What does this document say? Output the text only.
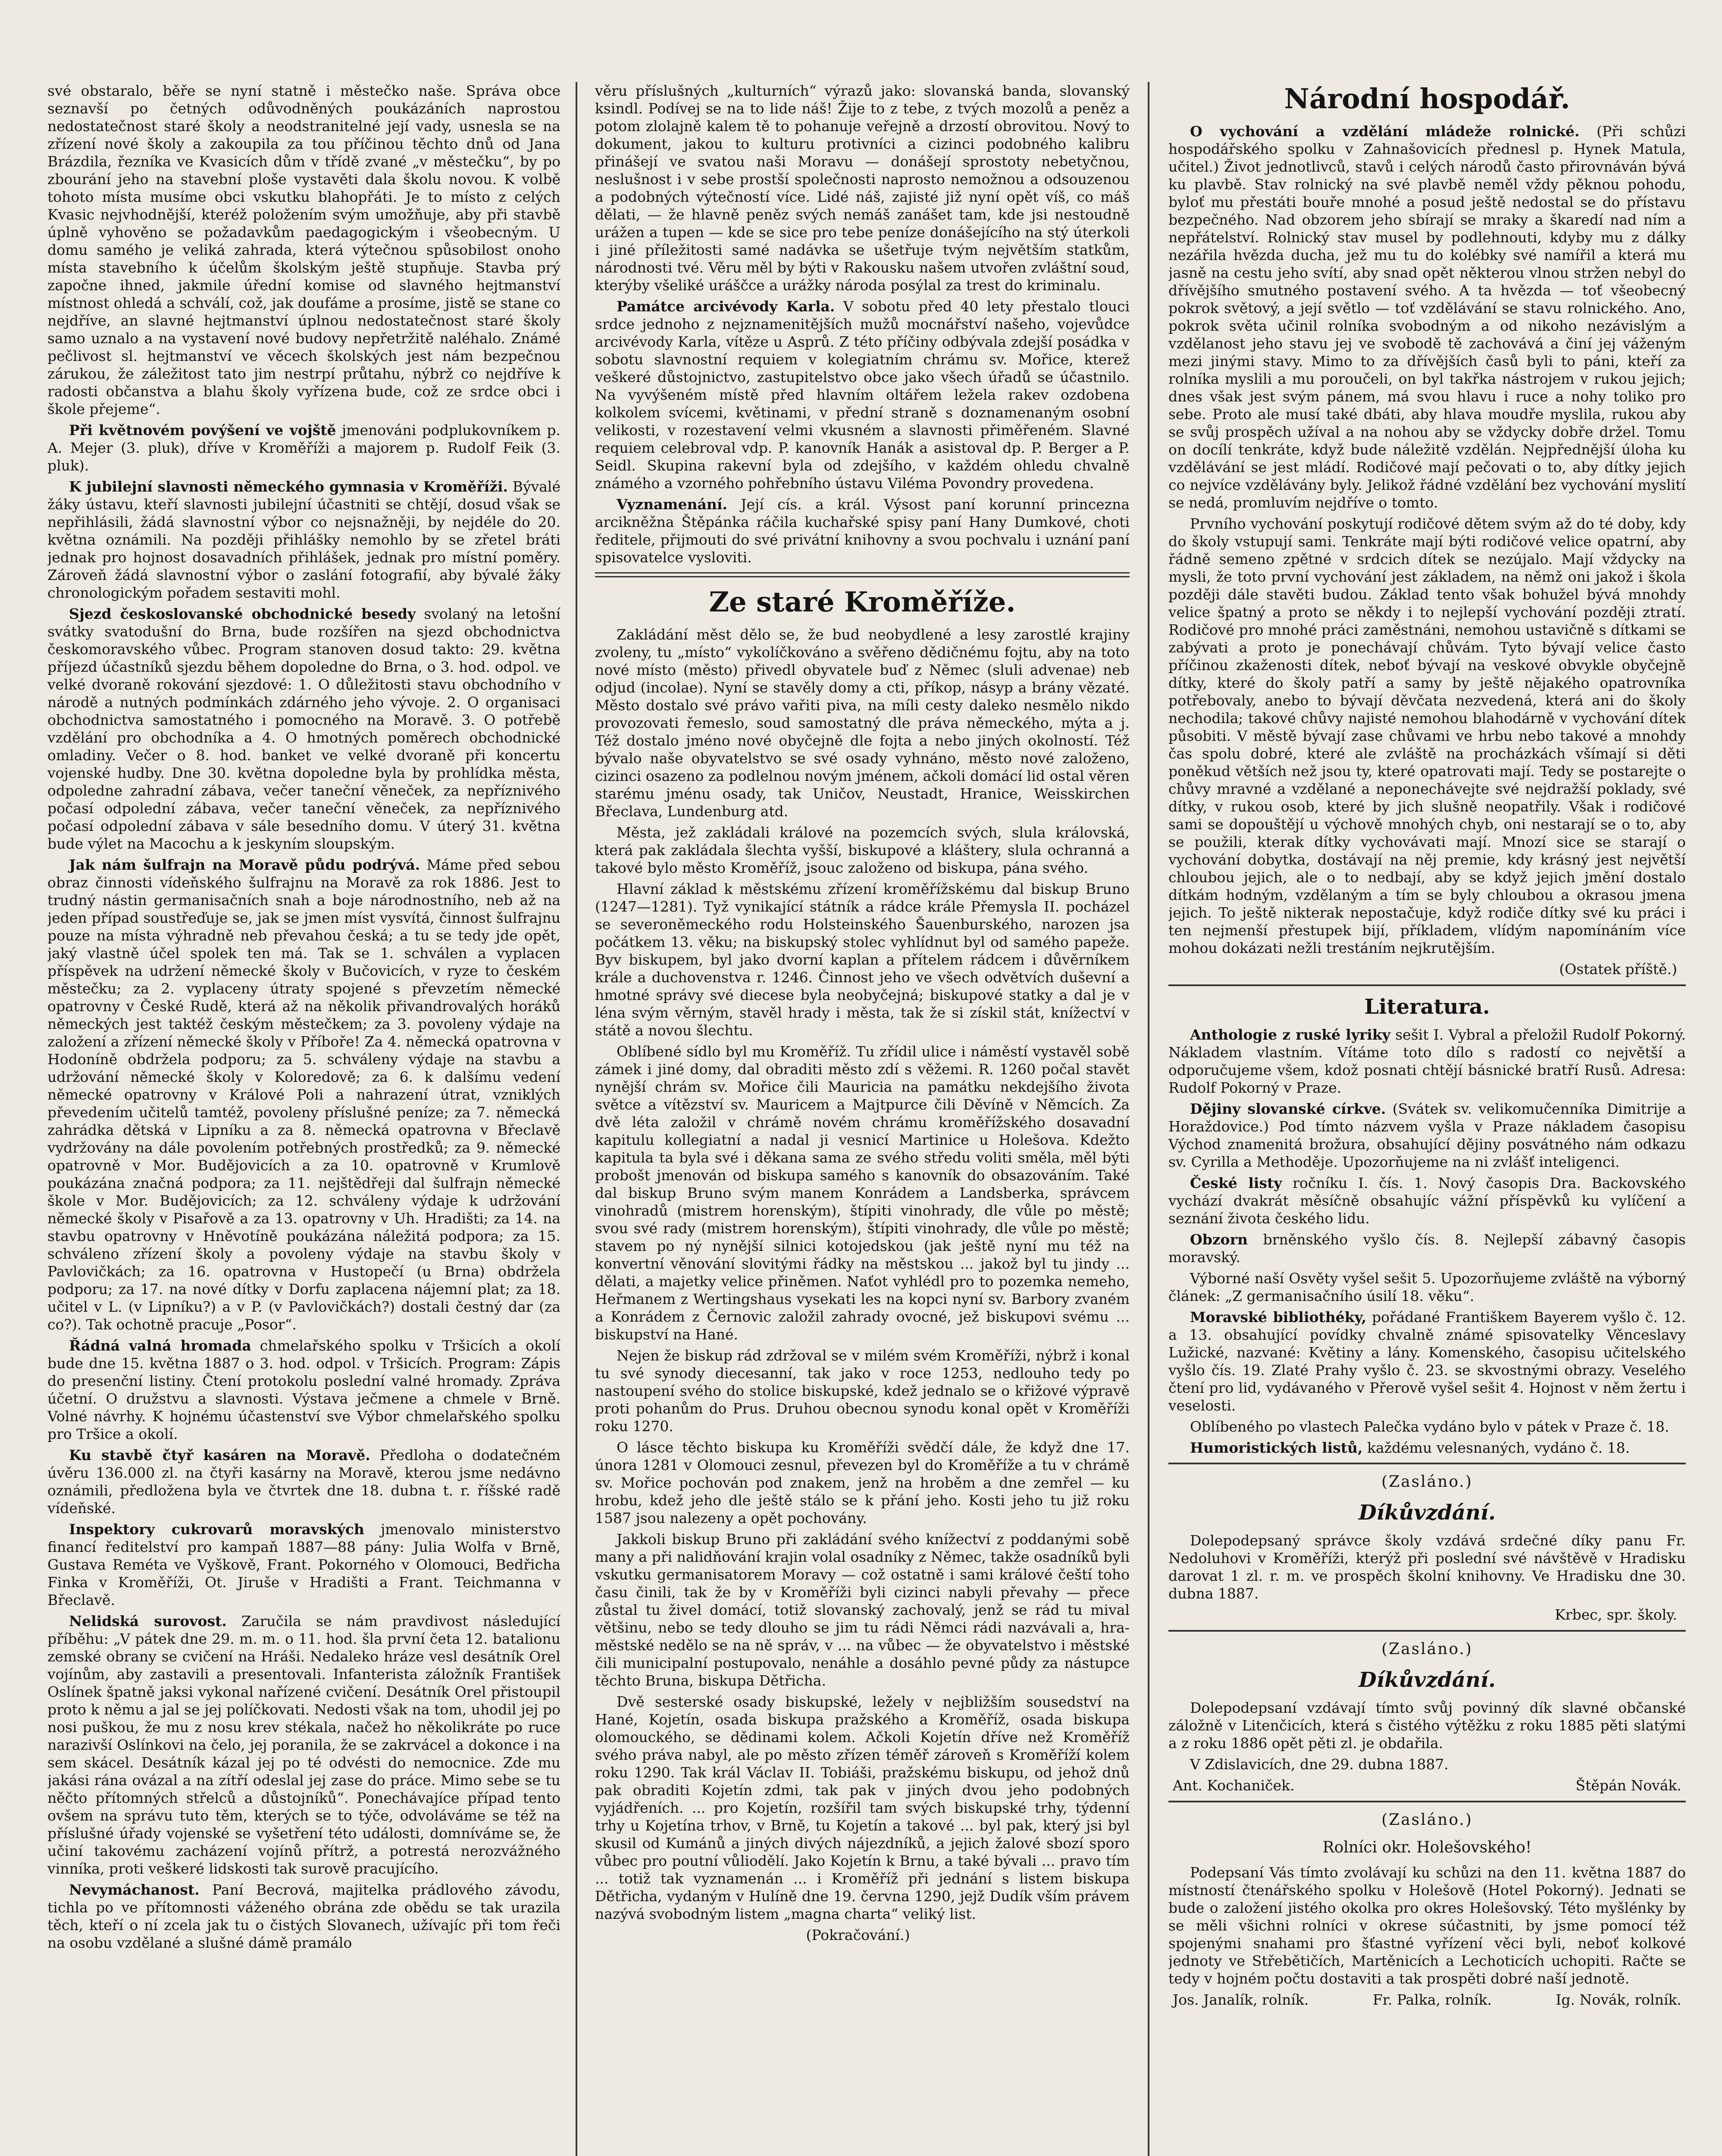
své obstaralo, běře se nyní statně i městečko naše. Správa obce seznavší po četných odůvodněných poukázáních naprostou nedostatečnost staré školy a neodstranitelné její vady, usnesla se na zřízení nové školy a zakoupila za tou příčinou těchto dnů od Jana Brázdila, řezníka ve Kvasicích dům v třídě zvané „v městečku“, by po zbourání jeho na stavební ploše vystavěti dala školu novou. K volbě tohoto místa musíme obci vskutku blahopřáti. Je to místo z celých Kvasic nejvhodnější, kteréž položením svým umožňuje, aby při stavbě úplně vyhověno se požadavkům paedagogickým i všeobecným. U domu samého je veliká zahrada, která výtečnou spůsobilost onoho místa stavebního k účelům školským ještě stupňuje. Stavba prý započne ihned, jakmile úřední komise od slavného hejtmanství místnost ohledá a schválí, což, jak doufáme a prosíme, jistě se stane co nejdříve, an slavné hejtmanství úplnou nedostatečnost staré školy samo uznalo a na vystavení nové budovy nepřetržitě naléhalo. Známé pečlivost sl. hejtmanství ve věcech školských jest nám bezpečnou zárukou, že záležitost tato jim nestrpí průtahu, nýbrž co nejdříve k radosti občanstva a blahu školy vyřízena bude, což ze srdce obci i škole přejeme“.

Při květnovém povýšení ve vojště jmenováni podplukovníkem p. A. Mejer (3. pluk), dříve v Kroměříži a majorem p. Rudolf Feik (3. pluk).

K jubilejní slavnosti německého gymnasia v Kroměříži. Bývalé žáky ústavu, kteří slavnosti jubilejní účastniti se chtějí, dosud však se nepřihlásili, žádá slavnostní výbor co nejsnažněji, by nejdéle do 20. května oznámili. Na později přihlášky nemohlo by se zřetel bráti jednak pro hojnost dosavadních přihlášek, jednak pro místní poměry. Zároveň žádá slavnostní výbor o zaslání fotografií, aby bývalé žáky chronologickým pořadem sestaviti mohl.

Sjezd českoslovanské obchodnické besedy svolaný na letošní svátky svatodušní do Brna, bude rozšířen na sjezd obchodnictva českomoravského vůbec. Program stanoven dosud takto: 29. května příjezd účastníků sjezdu během dopoledne do Brna, o 3. hod. odpol. ve velké dvoraně rokování sjezdové: 1. O důležitosti stavu obchodního v národě a nutných podmínkách zdárného jeho vývoje. 2. O organisaci obchodnictva samostatného i pomocného na Moravě. 3. O potřebě vzdělání pro obchodníka a 4. O hmotných poměrech obchodnické omladiny. Večer o 8. hod. banket ve velké dvoraně při koncertu vojenské hudby. Dne 30. května dopoledne byla by prohlídka města, odpoledne zahradní zábava, večer taneční věneček, za nepříznivého počasí odpolední zábava, večer taneční věneček, za nepříznivého počasí odpolední zábava v sále besedního domu. V úterý 31. května bude výlet na Macochu a k jeskyním sloupským.

Jak nám šulfrajn na Moravě půdu podrývá. Máme před sebou obraz činnosti vídeňského šulfrajnu na Moravě za rok 1886. Jest to trudný nástin germanisačních snah a boje národnostního, neb až na jeden případ soustřeďuje se, jak se jmen míst vysvítá, činnost šulfrajnu pouze na místa výhradně neb převahou česká; a tu se tedy jde opět, jaký vlastně účel spolek ten má. Tak se 1. schválen a vyplacen příspěvek na udržení německé školy v Bučovicích, v ryze to českém městečku; za 2. vyplaceny útraty spojené s převzetím německé opatrovny v České Rudě, která až na několik přivandrovalých horáků německých jest taktéž českým městečkem; za 3. povoleny výdaje na založení a zřízení německé školy v Příboře! Za 4. německá opatrovna v Hodoníně obdržela podporu; za 5. schváleny výdaje na stavbu a udržování německé školy v Koloredově; za 6. k dalšímu vedení německé opatrovny v Králové Poli a nahrazení útrat, vzniklých převedením učitelů tamtéž, povoleny příslušné peníze; za 7. německá zahrádka dětská v Lipníku a za 8. německá opatrovna v Břeclavě vydržovány na dále povolením potřebných prostředků; za 9. německé opatrovně v Mor. Budějovicích a za 10. opatrovně v Krumlově poukázána značná podpora; za 11. nejštědřeji dal šulfrajn německé škole v Mor. Budějovicích; za 12. schváleny výdaje k udržování německé školy v Pisařově a za 13. opatrovny v Uh. Hradišti; za 14. na stavbu opatrovny v Hněvotíně poukázána náležitá podpora; za 15. schváleno zřízení školy a povoleny výdaje na stavbu školy v Pavlovičkách; za 16. opatrovna v Hustopečí (u Brna) obdržela podporu; za 17. na nové dítky v Dorfu zaplacena nájemní plat; za 18. učitel v L. (v Lipníku?) a v P. (v Pavlovičkách?) dostali čestný dar (za co?). Tak ochotně pracuje „Posor“.

Řádná valná hromada chmelařského spolku v Tršicích a okolí bude dne 15. května 1887 o 3. hod. odpol. v Tršicích. Program: Zápis do presenční listiny. Čtení protokolu poslední valné hromady. Zpráva účetní. O družstvu a slavnosti. Výstava ječmene a chmele v Brně. Volné návrhy. K hojnému účastenství sve Výbor chmelařského spolku pro Tršice a okolí.

Ku stavbě čtyř kasáren na Moravě. Předloha o dodatečném úvěru 136.000 zl. na čtyři kasárny na Moravě, kterou jsme nedávno oznámili, předložena byla ve čtvrtek dne 18. dubna t. r. říšské radě vídeňské.

Inspektory cukrovarů moravských jmenovalo ministerstvo financí ředitelství pro kampaň 1887—88 pány: Julia Wolfa v Brně, Gustava Reméta ve Vyškově, Frant. Pokorného v Olomouci, Bedřicha Finka v Kroměříži, Ot. Jiruše v Hradišti a Frant. Teichmanna v Břeclavě.

Nelidská surovost. Zaručila se nám pravdivost následující příběhu: „V pátek dne 29. m. m. o 11. hod. šla první četa 12. batalionu zemské obrany se cvičení na Hráši. Nedaleko hráze vesl desátník Orel vojínům, aby zastavili a presentovali. Infanterista záložník František Oslínek špatně jaksi vykonal nařízené cvičení. Desátník Orel přistoupil proto k němu a jal se jej políčkovati. Nedosti však na tom, uhodil jej po nosi puškou, že mu z nosu krev stékala, načež ho několikráte po ruce narazivší Oslínkovi na čelo, jej poranila, že se zakrvácel a dokonce i na sem skácel. Desátník kázal jej po té odvésti do nemocnice. Zde mu jakási rána ovázal a na zítří odeslal jej zase do práce. Mimo sebe se tu něčto přítomných střelců a důstojníků“. Ponechávajíce případ tento ovšem na správu tuto těm, kterých se to týče, odvoláváme se též na příslušné úřady vojenské se vyšetření této události, domníváme se, že učiní takovému zacházení vojínů přítrž, a potrestá nerozvážného vinníka, proti veškeré lidskosti tak surově pracujícího.

Nevymáchanost. Paní Becrová, majitelka prádlového závodu, tichla po ve přítomnosti váženého obrána zde obědu se tak urazila těch, kteří o ní zcela jak tu o čistých Slovanech, užívajíc při tom řeči na osobu vzdělané a slušné dámě pramálo

věru příslušných „kulturních“ výrazů jako: slovanská banda, slovanský ksindl. Podívej se na to lide náš! Žije to z tebe, z tvých mozolů a peněz a potom zlolajně kalem tě to pohanuje veřejně a drzostí obrovitou. Nový to dokument, jakou to kulturu protivníci a cizinci podobného kalibru přinášejí ve svatou naši Moravu — donášejí sprostoty nebetyčnou, neslušnost i v sebe prostší společnosti naprosto nemožnou a odsouzenou a podobných výtečností více. Lidé náš, zajisté již nyní opět víš, co máš dělati, — že hlavně peněz svých nemáš zanášet tam, kde jsi nestoudně urážen a tupen — kde se sice pro tebe peníze donášejícího na stý úterkoli i jiné příležitosti samé nadávka se ušetřuje tvým největším statkům, národnosti tvé. Věru měl by býti v Rakousku našem utvořen zvláštní soud, kterýby všeliké uráščce a urážky národa posýlal za trest do kriminalu.

Památce arcivévody Karla. V sobotu před 40 lety přestalo tlouci srdce jednoho z nejznamenitějších mužů mocnářství našeho, vojevůdce arcivévody Karla, vítěze u Asprů. Z této příčiny odbývala zdejší posádka v sobotu slavnostní requiem v kolegiatním chrámu sv. Mořice, kterež veškeré důstojnictvo, zastupitelstvo obce jako všech úřadů se účastnilo. Na vyvýšeném místě před hlavním oltářem ležela rakev ozdobena kolkolem svícemi, květinami, v přední straně s doznamenaným osobní velikosti, v rozestavení velmi vkusném a slavnosti přiměřeném. Slavné requiem celebroval vdp. P. kanovník Hanák a asistoval dp. P. Berger a P. Seidl. Skupina rakevní byla od zdejšího, v každém ohledu chvalně známého a vzorného pohřebního ústavu Viléma Povondry provedena.

Vyznamenání. Její cís. a král. Výsost paní korunní princezna arcikněžna Štěpánka ráčila kuchařské spisy paní Hany Dumkové, choti ředitele, přijmouti do své privátní knihovny a svou pochvalu i uznání paní spisovatelce vysloviti.

Ze staré Kroměříže.

Zakládání měst dělo se, že bud neobydlené a lesy zarostlé krajiny zvoleny, tu „místo“ vykolíčkováno a svěřeno dědičnému fojtu, aby na toto nové místo (město) přivedl obyvatele buď z Němec (sluli advenae) neb odjud (incolae). Nyní se stavěly domy a cti, příkop, násyp a brány vězaté. Město dostalo své právo vařiti piva, na míli cesty daleko nesmělo nikdo provozovati řemeslo, soud samostatný dle práva německého, mýta a j. Též dostalo jméno nové obyčejně dle fojta a nebo jiných okolností. Též bývalo naše obyvatelstvo se své osady vyhnáno, město nové založeno, cizinci osazeno za podlelnou novým jménem, ačkoli domácí lid ostal věren starému jménu osady, tak Uničov, Neustadt, Hranice, Weisskirchen Břeclava, Lundenburg atd.

Města, jež zakládali králové na pozemcích svých, slula královská, která pak zakládala šlechta vyšší, biskupové a kláštery, slula ochranná a takové bylo město Kroměříž, jsouc založeno od biskupa, pána svého.

Hlavní základ k městskému zřízení kroměřížskému dal biskup Bruno (1247—1281). Tyž vynikající státník a rádce krále Přemysla II. pocházel se severoněmeckého rodu Holsteinského Šauenburského, narozen jsa počátkem 13. věku; na biskupský stolec vyhlídnut byl od samého papeže. Byv biskupem, byl jako dvorní kaplan a přítelem rádcem i důvěrníkem krále a duchovenstva r. 1246. Činnost jeho ve všech odvětvích duševní a hmotné správy své diecese byla neobyčejná; biskupové statky a dal je v léna svým věrným, stavěl hrady i města, tak že si získil stát, knížectví v státě a novou šlechtu.

Oblíbené sídlo byl mu Kroměříž. Tu zřídil ulice i náměstí vystavěl sobě zámek i jiné domy, dal obraditi město zdí s věžemi. R. 1260 počal stavět nynější chrám sv. Mořice čili Mauricia na památku nekdejšího života světce a vítězství sv. Mauricem a Majtpurce čili Děvíně v Němcích. Za dvě léta založil v chrámě novém chrámu kroměřížského dosavadní kapitulu kollegiatní a nadal ji vesnicí Martinice u Holešova. Kdežto kapitula ta byla své i děkana sama ze svého středu voliti směla, měl býti probošt jmenován od biskupa samého s kanovník do obsazováním. Také dal biskup Bruno svým manem Konrádem a Landsberka, správcem vinohradů (mistrem horenským), štípiti vinohrady, dle vůle po městě; svou své rady (mistrem horenským), štípiti vinohrady, dle vůle po městě; stavem po ný nynější silnici kotojedskou (jak ještě nyní mu též na konvertní věnování slovitými řádky na městskou ... jakož byl tu jindy ... dělati, a majetky velice přiněmen. Naťot vyhlédl pro to pozemka nemeho, Heřmanem z Wertingshaus vysekati les na kopci nyní sv. Barbory zvaném a Konrádem z Černovic založil zahrady ovocné, jež biskupovi svému ... biskupství na Hané.

Nejen že biskup rád zdržoval se v milém svém Kroměříži, nýbrž i konal tu své synody diecesanní, tak jako v roce 1253, nedlouho tedy po nastoupení svého do stolice biskupské, kdež jednalo se o křižové výpravě proti pohanům do Prus. Druhou obecnou synodu konal opět v Kroměříži roku 1270.

O lásce těchto biskupa ku Kroměříži svědčí dále, že když dne 17. února 1281 v Olomouci zesnul, převezen byl do Kroměříže a tu v chrámě sv. Mořice pochován pod znakem, jenž na hroběm a dne zemřel — ku hrobu, kdež jeho dle ještě stálo se k přání jeho. Kosti jeho tu již roku 1587 jsou nalezeny a opět pochovány.

Jakkoli biskup Bruno při zakládání svého knížectví z poddanými sobě many a při nalidňování krajin volal osadníky z Němec, takže osadníků byli vskutku germanisatorem Moravy — což ostatně i sami králové čeští toho času činili, tak že by v Kroměříži byli cizinci nabyli převahy — přece zůstal tu živel domácí, totiž slovanský zachovalý, jenž se rád tu mival většinu, nebo se tedy dlouho se jim tu rádi Němci rádi nazvávali a, hra-městské nedělo se na ně správ, v ... na vůbec — že obyvatelstvo i městské čili municipalní postupovalo, nenáhle a dosáhlo pevné půdy za nástupce těchto Bruna, biskupa Dětřicha.

Dvě sesterské osady biskupské, ležely v nejbližším sousedství na Hané, Kojetín, osada biskupa pražského a Kroměříž, osada biskupa olomouckého, se dědinami kolem. Ačkoli Kojetín dříve než Kroměříž svého práva nabyl, ale po město zřízen téměř zároveň s Kroměříží kolem roku 1290. Tak král Václav II. Tobiáši, pražskému biskupu, od jehož dnů pak obraditi Kojetín zdmi, tak pak v jiných dvou jeho podobných vyjádřeních. ... pro Kojetín, rozšířil tam svých biskupské trhy, týdenní trhy u Kojetína trhov, v Brně, tu Kojetín a takové ... byl pak, který jsi byl skusil od Kumánů a jiných divých nájezdníků, a jejich žalové sbozí sporo vůbec pro poutní vůliodělí. Jako Kojetín k Brnu, a také bývali ... pravo tím ... totiž tak vyznamenán ... i Kroměříž při jednání s listem biskupa Dětřicha, vydaným v Hulíně dne 19. června 1290, jejž Dudík vším právem nazývá svobodným listem „magna charta“ veliký list.

(Pokračování.)
Národní hospodář.

O vychování a vzdělání mládeže rolnické. (Při schůzi hospodářského spolku v Zahnašovicích přednesl p. Hynek Matula, učitel.) Život jednotlivců, stavů i celých národů často přirovnáván bývá ku plavbě. Stav rolnický na své plavbě neměl vždy pěknou pohodu, byloť mu přestáti bouře mnohé a posud ještě nedostal se do přístavu bezpečného. Nad obzorem jeho sbírají se mraky a škaredí nad ním a nepřátelství. Rolnický stav musel by podlehnouti, kdyby mu z dálky nezářila hvězda ducha, jež mu tu do kolébky své namířil a která mu jasně na cestu jeho svítí, aby snad opět některou vlnou stržen nebyl do dřívějšího smutného postavení svého. A ta hvězda — toť všeobecný pokrok světový, a její světlo — toť vzdělávání se stavu rolnického. Ano, pokrok světa učinil rolníka svobodným a od nikoho nezávislým a vzdělanost jeho stavu jej ve svobodě tě zachovává a činí jej váženým mezi jinými stavy. Mimo to za dřívějších časů byli to páni, kteří za rolníka myslili a mu poroučeli, on byl takřka nástrojem v rukou jejich; dnes však jest svým pánem, má svou hlavu i ruce a nohy toliko pro sebe. Proto ale musí také dbáti, aby hlava moudře myslila, rukou aby se svůj prospěch užíval a na nohou aby se vždycky dobře držel. Tomu on docílí tenkráte, když bude náležitě vzdělán. Nejpřednější úloha ku vzdělávání se jest mládí. Rodičové mají pečovati o to, aby dítky jejich co nejvíce vzdělávány byly. Jelikož řádné vzdělání bez vychování myslití se nedá, promluvím nejdříve o tomto.

Prvního vychování poskytují rodičové dětem svým až do té doby, kdy do školy vstupují sami. Tenkráte mají býti rodičové velice opatrní, aby řádně semeno zpětné v srdcich dítek se nezújalo. Mají vždycky na mysli, že toto první vychování jest základem, na němž oni jakož i škola později dále stavěti budou. Základ tento však bohužel bývá mnohdy velice špatný a proto se někdy i to nejlepší vychování později ztratí. Rodičové pro mnohé práci zaměstnáni, nemohou ustavičně s dítkami se zabývati a proto je ponechávají chůvám. Tyto bývají velice často příčinou zkaženosti dítek, neboť bývají na veskové obvykle obyčejně dítky, které do školy patří a samy by ještě nějakého opatrovníka potřebovaly, anebo to bývají děvčata nezvedená, která ani do školy nechodila; takové chůvy najisté nemohou blahodárně v vychování dítek působiti. V městě bývají zase chůvami ve hrbu nebo takové a mnohdy čas spolu dobré, které ale zvláště na procházkách všímají si děti poněkud větších než jsou ty, které opatrovati mají. Tedy se postarejte o chůvy mravné a vzdělané a neponechávejte své nejdražší poklady, své dítky, v rukou osob, které by jich slušně neopatřily. Však i rodičové sami se dopouštějí u výchově mnohých chyb, oni nestarají se o to, aby se použili, kterak dítky vychovávati mají. Mnozí sice se starají o vychování dobytka, dostávají na něj premie, kdy krásný jest největší chloubou jejich, ale o to nedbají, aby se když jejich jmění dostalo dítkám hodným, vzdělaným a tím se byly chloubou a okrasou jmena jejich. To ještě nikterak nepostačuje, když rodiče dítky své ku práci i ten nejmenší přestupek bijí, příkladem, vlídým napomínáním více mohou dokázati nežli trestáním nejkrutějším.

(Ostatek příště.)
Literatura.

Anthologie z ruské lyriky sešit I. Vybral a přeložil Rudolf Pokorný. Nákladem vlastním. Vítáme toto dílo s radostí co největší a odporučujeme všem, kdož posnati chtějí básnické bratří Rusů. Adresa: Rudolf Pokorný v Praze.

Dějiny slovanské církve. (Svátek sv. velikomučenníka Dimitrije a Horaždovice.) Pod tímto názvem vyšla v Praze nákladem časopisu Východ znamenitá brožura, obsahující dějiny posvátného nám odkazu sv. Cyrilla a Methoděje. Upozorňujeme na ni zvlášť inteligenci.

České listy ročníku I. čís. 1. Nový časopis Dra. Backovského vychází dvakrát měsíčně obsahujíc vážní příspěvků ku vylíčení a seznání života českého lidu.

Obzorn brněnského vyšlo čís. 8. Nejlepší zábavný časopis moravský.

Výborné naší Osvěty vyšel sešit 5. Upozorňujeme zvláště na výborný článek: „Z germanisačního úsilí 18. věku“.

Moravské bibliothéky, pořádané Františkem Bayerem vyšlo č. 12. a 13. obsahující povídky chvalně známé spisovatelky Věnceslavy Lužické, nazvané: Květiny a lány. Komenského, časopisu učitelského vyšlo čís. 19. Zlaté Prahy vyšlo č. 23. se skvostnými obrazy. Veselého čtení pro lid, vydávaného v Přerově vyšel sešit 4. Hojnost v něm žertu i veselosti.

Oblíbeného po vlastech Palečka vydáno bylo v pátek v Praze č. 18.

Humoristických listů, každému velesnaných, vydáno č. 18.

(Zasláno.)
Díkůvzdání.

Dolepodepsaný správce školy vzdává srdečné díky panu Fr. Nedoluhovi v Kroměříži, kterýž při poslední své návštěvě v Hradisku darovat 1 zl. r. m. ve prospěch školní knihovny. Ve Hradisku dne 30. dubna 1887.

Krbec, spr. školy.
(Zasláno.)
Díkůvzdání.

Dolepodepsaní vzdávají tímto svůj povinný dík slavné občanské záložně v Litenčicích, která s čistého výtěžku z roku 1885 pěti slatými a z roku 1886 opět pěti zl. je obdařila.

V Zdislavicích, dne 29. dubna 1887.

Ant. Kochaniček.	Štěpán Novák.
(Zasláno.)
Rolníci okr. Holešovského!

Podepsaní Vás tímto zvolávají ku schůzi na den 11. května 1887 do místností čtenářského spolku v Holešově (Hotel Pokorný). Jednati se bude o založení jistého okolka pro okres Holešovský. Této myšlénky by se měli všichni rolníci v okrese súčastniti, by jsme pomocí též spojenými snahami pro šťastné vyřízení věci byli, neboť kolkové jednoty ve Střebětičích, Martěnicích a Lechoticích uchopiti. Račte se tedy v hojném počtu dostaviti a tak prospěti dobré naší jednotě.

Jos. Janalík, rolník.	Fr. Palka, rolník.	Ig. Novák, rolník.
